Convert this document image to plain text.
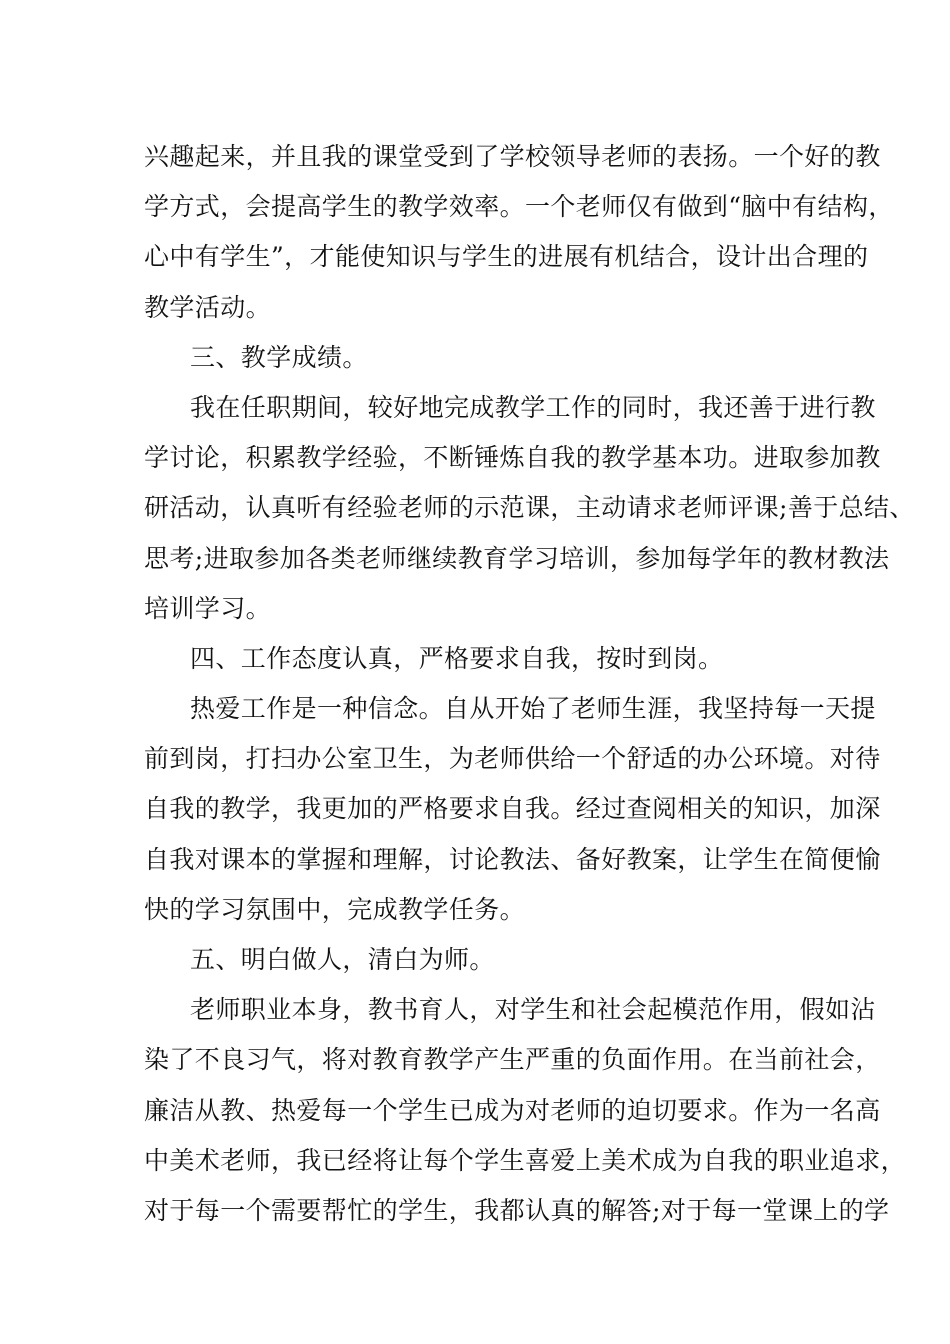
兴趣起来，并且我的课堂受到了学校领导老师的表扬。一个好的教
学方式，会提高学生的教学效率。一个老师仅有做到“脑中有结构，
心中有学生”，才能使知识与学生的进展有机结合，设计出合理的
教学活动。
三、教学成绩。
我在任职期间，较好地完成教学工作的同时，我还善于进行教
学讨论，积累教学经验，不断锤炼自我的教学基本功。进取参加教
研活动，认真听有经验老师的示范课，主动请求老师评课;善于总结、
思考;进取参加各类老师继续教育学习培训，参加每学年的教材教法
培训学习。
四、工作态度认真，严格要求自我，按时到岗。
热爱工作是一种信念。自从开始了老师生涯，我坚持每一天提
前到岗，打扫办公室卫生，为老师供给一个舒适的办公环境。对待
自我的教学，我更加的严格要求自我。经过查阅相关的知识，加深
自我对课本的掌握和理解，讨论教法、备好教案，让学生在简便愉
快的学习氛围中，完成教学任务。
五、明白做人，清白为师。
老师职业本身，教书育人，对学生和社会起模范作用，假如沾
染了不良习气，将对教育教学产生严重的负面作用。在当前社会，
廉洁从教、热爱每一个学生已成为对老师的迫切要求。作为一名高
中美术老师，我已经将让每个学生喜爱上美术成为自我的职业追求，
对于每一个需要帮忙的学生，我都认真的解答;对于每一堂课上的学
